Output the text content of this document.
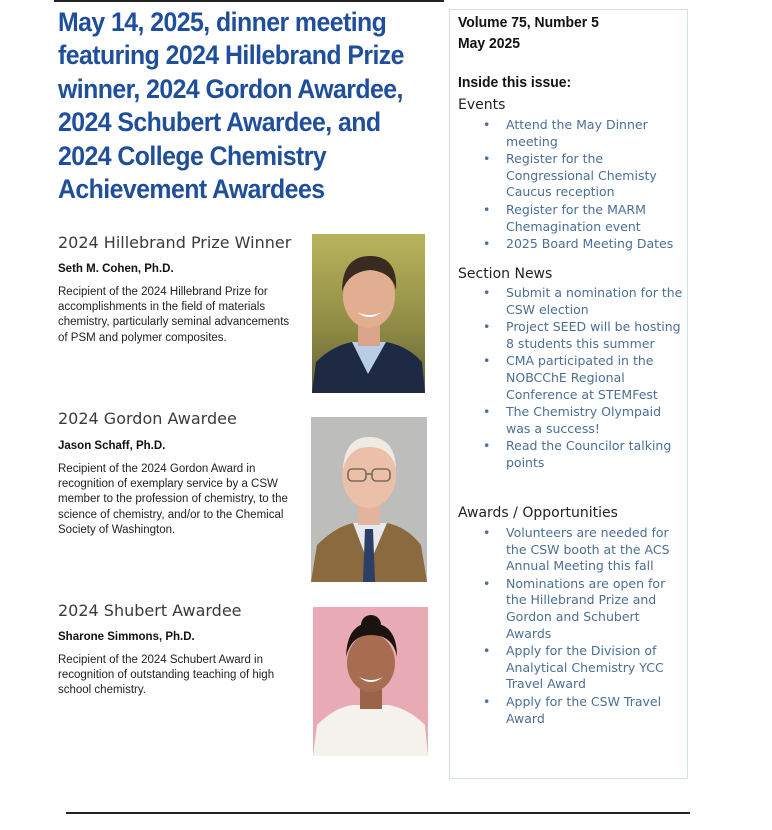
May 14, 2025, dinner meeting featuring 2024 Hillebrand Prize winner, 2024 Gordon Awardee, 2024 Schubert Awardee, and 2024 College Chemistry Achievement Awardees
2024 Hillebrand Prize Winner

Seth M. Cohen, Ph.D.

Recipient of the 2024 Hillebrand Prize for accomplishments in the field of materials chemistry, particularly seminal advancements of PSM and polymer composites.

2024 Gordon Awardee

Jason Schaff, Ph.D.

Recipient of the 2024 Gordon Award in recognition of exemplary service by a CSW member to the profession of chemistry, to the science of chemistry, and/or to the Chemical Society of Washington.

2024 Shubert Awardee

Sharone Simmons, Ph.D.

Recipient of the 2024 Schubert Award in recognition of outstanding teaching of high school chemistry.

Volume 75, Number 5
May 2025
Inside this issue:
Events
• Attend the May Dinner meeting
• Register for the Congressional Chemisty Caucus reception
• Register for the MARM Chemagination event
• 2025 Board Meeting Dates
Section News
• Submit a nomination for the CSW election
• Project SEED will be hosting 8 students this summer
• CMA participated in the NOBCChE Regional Conference at STEMFest
• The Chemistry Olympaid was a success!
• Read the Councilor talking points
Awards / Opportunities
• Volunteers are needed for the CSW booth at the ACS Annual Meeting this fall
• Nominations are open for the Hillebrand Prize and Gordon and Schubert Awards
• Apply for the Division of Analytical Chemistry YCC Travel Award
• Apply for the CSW Travel Award
